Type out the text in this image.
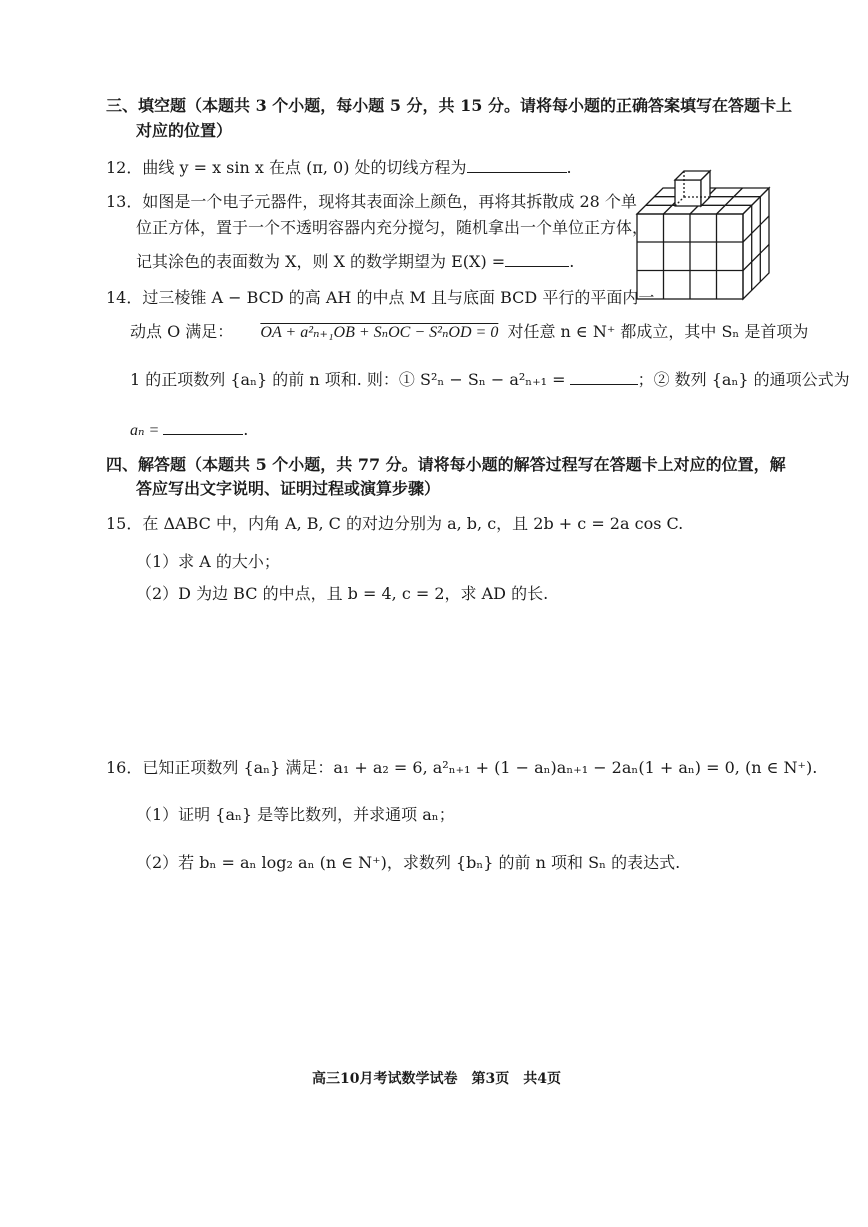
三、填空题（本题共 3 个小题，每小题 5 分，共 15 分。请将每小题的正确答案填写在答题卡上
对应的位置）
12．曲线 y = x sin x 在点 (π, 0) 处的切线方程为	.
13．如图是一个电子元器件，现将其表面涂上颜色，再将其拆散成 28 个单
位正方体，置于一个不透明容器内充分搅匀，随机拿出一个单位正方体，
记其涂色的表面数为 X，则 X 的数学期望为 E(X) =	.
14．过三棱锥 A − BCD 的高 AH 的中点 M 且与底面 BCD 平行的平面内一
动点 O 满足： OA + a²ₙ₊₁OB + SₙOC − S²ₙOD = 0 对任意 n ∈ N⁺ 都成立，其中 Sₙ 是首项为
1 的正项数列 {aₙ} 的前 n 项和. 则：① S²ₙ − Sₙ − a²ₙ₊₁ =	；② 数列 {aₙ} 的通项公式为
aₙ =	.
四、解答题（本题共 5 个小题，共 77 分。请将每小题的解答过程写在答题卡上对应的位置，解
答应写出文字说明、证明过程或演算步骤）
15．在 ΔABC 中，内角 A, B, C 的对边分别为 a, b, c，且 2b + c = 2a cos C.
（1）求 A 的大小；
（2）D 为边 BC 的中点，且 b = 4, c = 2，求 AD 的长.
16．已知正项数列 {aₙ} 满足：a₁ + a₂ = 6, a²ₙ₊₁ + (1 − aₙ)aₙ₊₁ − 2aₙ(1 + aₙ) = 0, (n ∈ N⁺).
（1）证明 {aₙ} 是等比数列，并求通项 aₙ；
（2）若 bₙ = aₙ log₂ aₙ (n ∈ N⁺)，求数列 {bₙ} 的前 n 项和 Sₙ 的表达式.
高三10月考试数学试卷　第3页　共4页
